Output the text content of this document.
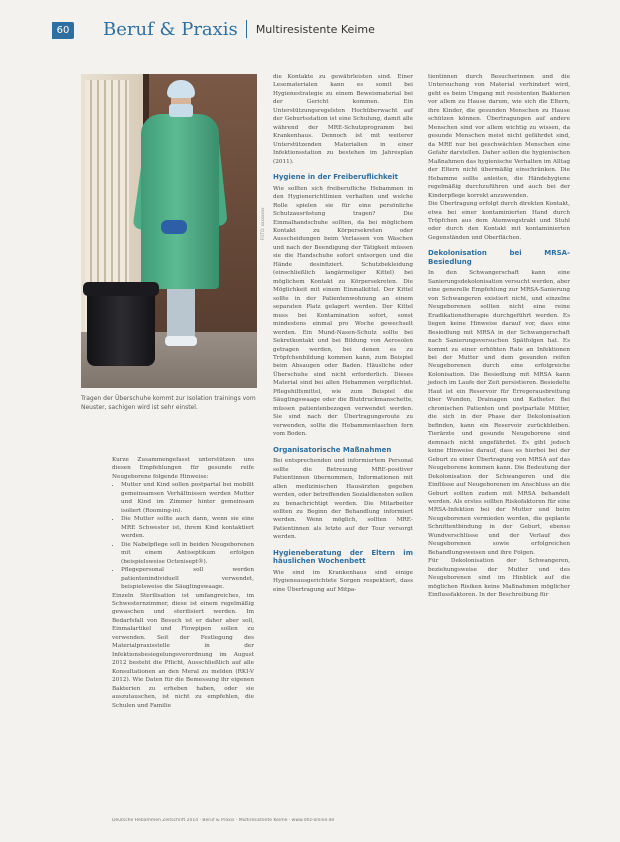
60 Beruf & Praxis Multiresistente Keime
FOTO: xxxxxxxx
Tragen der Überschuhe kommt zur Isolation trainings vom Neuster, sachigen wird ist sehr einstel.

Kurze Zusammengefasst unterstützen uns diesen Empfehlungen für gesunde reife Neugeborene folgende Hinweise:

• Mutter und Kind sollen postpartal bei mobilit gemeinsamsen Verhältnissen werden Mutter und Kind im Zimmer hinter gemeinsam isoliert (Rooming-in).
• Die Mutter sollte auch dann, wenn sie eine MRE Schwester ist, ihrem Kind kontaktiert werden.
• Die Nabelpflege soll in beiden Neugeborenen mit einem Antiseptikum erfolgen (beispielsweise Octenisept®).
• Pflegepersonal soll werden patientenindividuell verwendet, beispielsweise die Säuglingswaage.

Einzeln Sterilisation ist umfangreiches, im Schwesternzimmer, diese ist einem regelmäßig gewaschen und sterilisiert werden. Im Bedarfsfall von Besuch ist er daher aber soll, Einmalartikel und Flowpipen sollen zu verwenden. Seit der Festlegung des Materialpraxisstelle in der Infektionsbesiegelungsverordnung im August 2012 besteht die Pflicht, Ausschließlich auf alle Konsultationen an den Meral zu melden (RKI-V 2012). Wie Daten für die Bemessung ihr eigenen Bakterien zu erheben haben, oder sie auszutauschen, ist nicht zu empfehlen, die Schulen und Familie

die Kontakte zu gewährleisten sind. Einer Lesematerialen kann es somit bei Hygienestrategie zu einem Beweismaterial bei der Gericht kommen. Ein Unterstützungsregelsten Hochüberwacht auf der Geburtsstation ist eine Schulung, damit alle während der MRE-Schutzprogramm bei Krankenhaus. Dennoch ist mit weiterer Unterstützenden Materialien in einer Infektionsstation zu bestehen im Jahresplan (2011).

Hygiene in der Freiberuflichkeit

Wie sollten sich freiberufliche Hebammen in den Hygienerichtlinien verhalten und welche Rolle spielen sie für eine persönliche Schutzausrüstung tragen? Die Einmalhandschuhe sollten, da bei möglichem Kontakt zu Körpersekreten oder Ausscheidungen beim Verlassen von Wäschen und nach der Beendigung der Tätigkeit müssen sie die Handschuhe sofort entsorgen und die Hände desinfiziert. Schutzbekleidung (einschließlich langärmeliger Kittel) bei möglichem Kontakt zu Körpersekreten. Die Möglichkeit mit einem Einmalkittel. Der Kittel sollte in der Patientenwohnung an einem separaten Platz gelagert werden. Der Kittel muss bei Kontamination sofort, sonst mindestens einmal pro Woche gewechselt werden. Ein Mund-Nasen-Schutz sollte bei Sekretkontakt und bei Bildung von Aerosolen getragen werden, bei denen es zu Tröpfchenbildung kommen kann, zum Beispiel beim Absaugen oder Baden. Häusliche oder Überschuhe sind nicht erforderlich. Dieses Material sind bei allen Hebammen verpflichtet. Pflegehilfsmittel, wie zum Beispiel die Säuglingswaage oder die Blutdruckmanschette, müssen patientenbezogen verwendet werden. Sie sind nach der Übertragungsroute zu verwenden, sollte die Hebammentaschen fern vom Boden.

Organisatorische Maßnahmen

Bei entsprechenden und informiertem Personal sollte die Betreuung MRE-positiver Patientinnen übernommen, Informationen mit allen medizinischen Hausärzten gegeben werden, oder betreffenden Sozialdiensten sollen zu benachrichtigt werden. Die Mitarbeiter sollten zu Beginn der Behandlung informiert werden. Wenn möglich, sollten MRE-Patientinnen als letzte auf der Tour versorgt werden.

Hygieneberatung der Eltern im häuslichen Wochenbett

Wie sind im Krankenhaus sind einige Hygieneausgerichtete Sorgen respektiert, dass eine Übertragung auf Mitpa-

tientinnen durch Besucherinnen und die Untersuchung von Material verhindert wird, geht es beim Umgang mit resistenten Bakterien vor allem zu Hause darum, wie sich die Eltern, ihre Kinder, die gesunden Menschen zu Hause schützen können. Übertragungen auf andere Menschen sind vor allem wichtig zu wissen, da gesunde Menschen meist nicht gefährdet sind, da MRE nur bei geschwächten Menschen eine Gefahr darstellen. Daher sollen die hygienischen Maßnahmen das hygienische Verhalten im Alltag der Eltern nicht übermäßig einschränken. Die Hebamme sollte anleiten, die Händehygiene regelmäßig durchzuführen und auch bei der Kinderpflege korrekt anzuwenden.

Die Übertragung erfolgt durch direkten Kontakt, etwa bei einer kontaminierten Hand durch Tröpfchen aus dem Atemwegstrakt und Stuhl oder durch den Kontakt mit kontaminierten Gegenständen und Oberflächen.

Dekolonisation bei MRSA-Besiedlung

In den Schwangerschaft kann eine Sanierungsdekolonisation versucht werden, aber eine generelle Empfehlung zur MRSA-Sanierung von Schwangeren existiert nicht, und einzelne Neugeborenen sollten nicht eine reine Eradikationstherapie durchgeführt werden. Es liegen keine Hinweise darauf vor, dass eine Besiedlung mit MRSA in der Schwangerschaft nach Sanierungsversuchen Spätfolgen hat. Es kommt zu einer erhöhten Rate an Infektionen bei der Mutter und dem gesunden reifen Neugeborenen durch eine erfolgreiche Kolonisation. Die Besiedlung mit MRSA kann jedoch im Laufe der Zeit persistieren. Besiedelte Haut ist ein Reservoir für Erregerausbreitung über Wunden, Drainagen und Katheter. Bei chronischen Patienten und postpartale Mütter, die sich in der Phase der Dekolonisation befinden, kann ein Reservoir zurückbleiben. Tierärzte und gesunde Neugeborene sind demnach nicht ungefährdet. Es gibt jedoch keine Hinweise darauf, dass es hierbei bei der Geburt zu einer Übertragung von MRSA auf das Neugeborene kommen kann. Die Bedeutung der Dekolonisation der Schwangeren und die Einflüsse auf Neugeborenen im Anschluss an die Geburt sollten zudem mit MRSA behandelt werden. Als erstes sollten Riskofaktoren für eine MRSA-Infektion bei der Mutter und beim Neugeborenen vermieden werden, die geplante Schnittentbindung in der Geburt, ebenso Wundverschlüsse und der Verlauf des Neugeborenen sowie erfolgreichen Behandlungsweisen und ihre Folgen.

Für Dekolonisation der Schwangeren, beziehungsweise der Mutter und des Neugeborenen sind im Hinblick auf die möglichen Risiken keine Maßnahmen möglicher Einflussfaktoren. In der Beschreibung für

Deutsche Hebammen Zeitschrift 2014 · Beruf & Praxis · Multiresistente Keime · www.dhz-online.de
